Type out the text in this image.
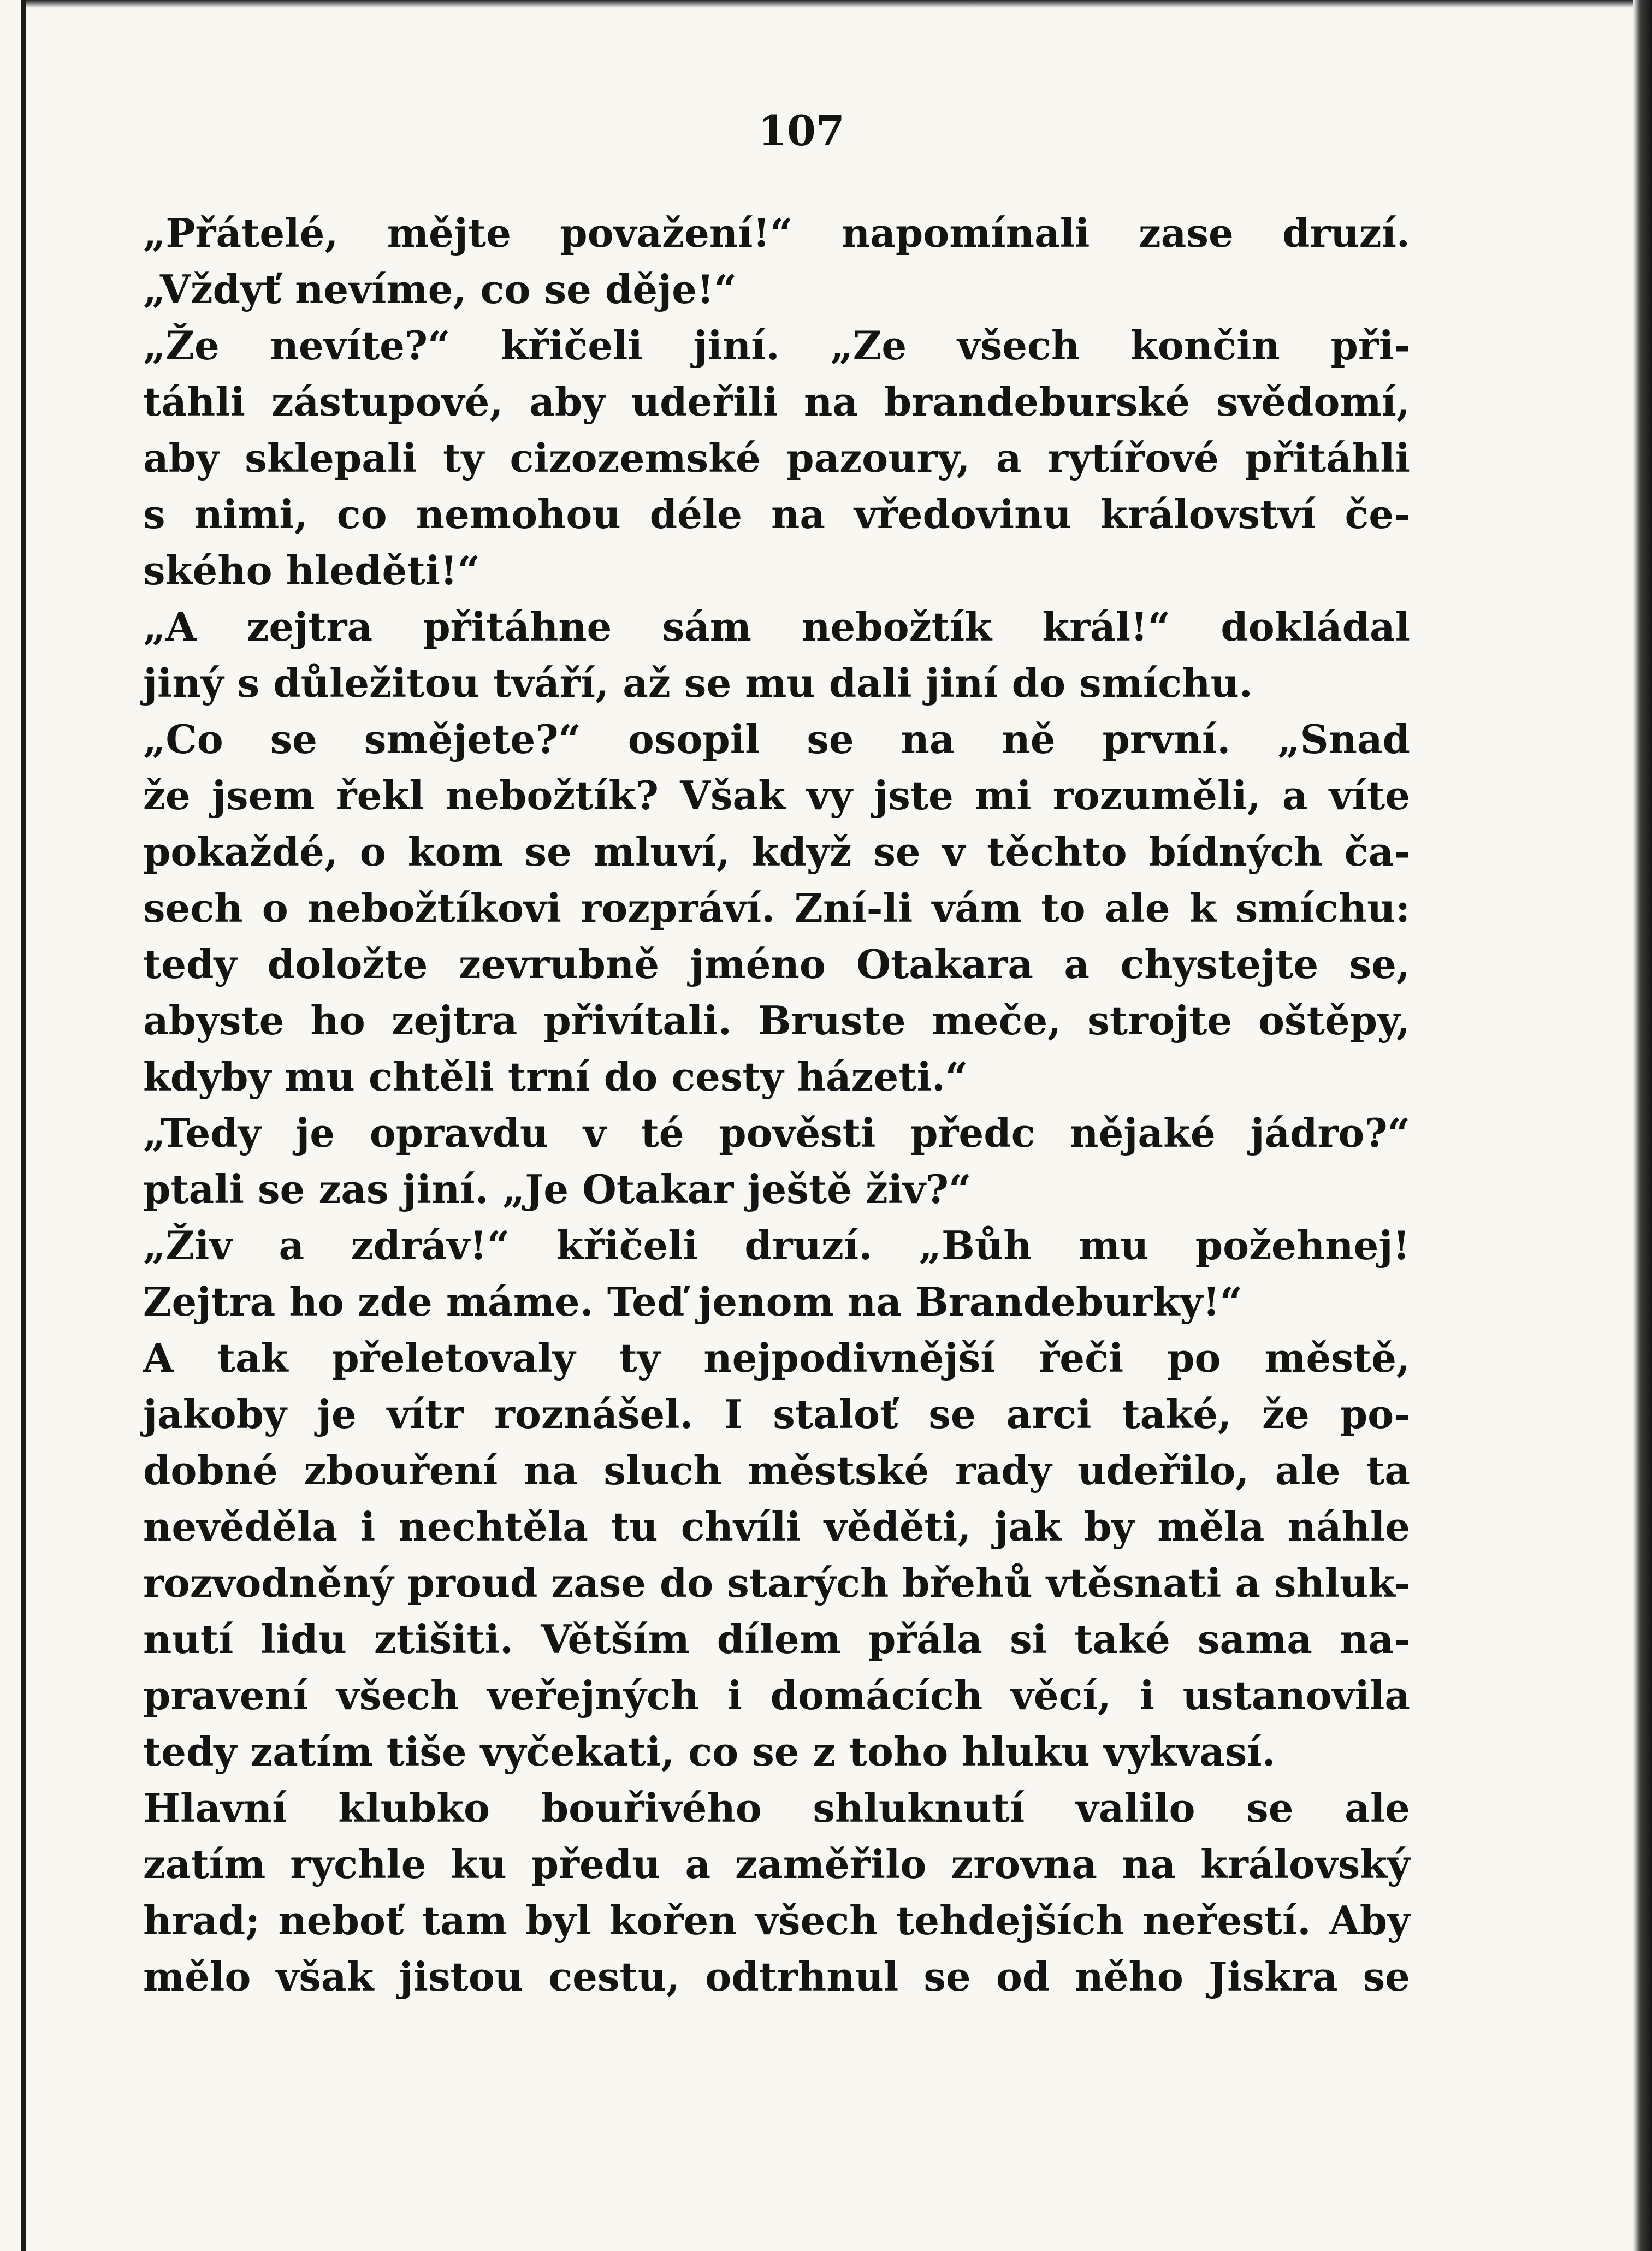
107
„Přátelé, mějte považení!“ napomínali zase druzí.
„Vždyť nevíme, co se děje!“
„Že nevíte?“ křičeli jiní. „Ze všech končin při-
táhli zástupové, aby udeřili na brandeburské svědomí,
aby sklepali ty cizozemské pazoury, a rytířové přitáhli
s nimi, co nemohou déle na vředovinu království če-
ského hleděti!“
„A zejtra přitáhne sám nebožtík král!“ dokládal
jiný s důležitou tváří, až se mu dali jiní do smíchu.
„Co se smějete?“ osopil se na ně první. „Snad
že jsem řekl nebožtík? Však vy jste mi rozuměli, a víte
pokaždé, o kom se mluví, když se v těchto bídných ča-
sech o nebožtíkovi rozpráví. Zní-li vám to ale k smíchu:
tedy doložte zevrubně jméno Otakara a chystejte se,
abyste ho zejtra přivítali. Bruste meče, strojte oštěpy,
kdyby mu chtěli trní do cesty házeti.“
„Tedy je opravdu v té pověsti předc nějaké jádro?“
ptali se zas jiní. „Je Otakar ještě živ?“
„Živ a zdráv!“ křičeli druzí. „Bůh mu požehnej!
Zejtra ho zde máme. Teď jenom na Brandeburky!“
A tak přeletovaly ty nejpodivnější řeči po městě,
jakoby je vítr roznášel. I staloť se arci také, že po-
dobné zbouření na sluch městské rady udeřilo, ale ta
nevěděla i nechtěla tu chvíli věděti, jak by měla náhle
rozvodněný proud zase do starých břehů vtěsnati a shluk-
nutí lidu ztišiti. Větším dílem přála si také sama na-
pravení všech veřejných i domácích věcí, i ustanovila
tedy zatím tiše vyčekati, co se z toho hluku vykvasí.
Hlavní klubko bouřivého shluknutí valilo se ale
zatím rychle ku předu a zaměřilo zrovna na královský
hrad; neboť tam byl kořen všech tehdejších neřestí. Aby
mělo však jistou cestu, odtrhnul se od něho Jiskra se
